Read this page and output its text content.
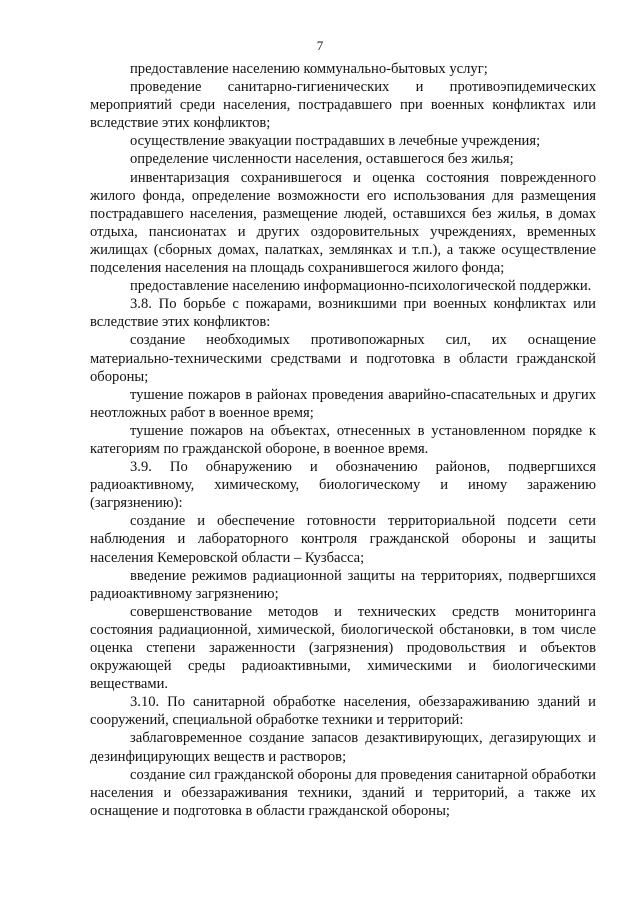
7

предоставление населению коммунально-бытовых услуг;

проведение санитарно-гигиенических и противоэпидемических мероприятий среди населения, пострадавшего при военных конфликтах или вследствие этих конфликтов;

осуществление эвакуации пострадавших в лечебные учреждения;

определение численности населения, оставшегося без жилья;

инвентаризация сохранившегося и оценка состояния поврежденного жилого фонда, определение возможности его использования для размещения пострадавшего населения, размещение людей, оставшихся без жилья, в домах отдыха, пансионатах и других оздоровительных учреждениях, временных жилищах (сборных домах, палатках, землянках и т.п.), а также осуществление подселения населения на площадь сохранившегося жилого фонда;

предоставление населению информационно-психологической поддержки.

3.8. По борьбе с пожарами, возникшими при военных конфликтах или вследствие этих конфликтов:

создание необходимых противопожарных сил, их оснащение материально-техническими средствами и подготовка в области гражданской обороны;

тушение пожаров в районах проведения аварийно-спасательных и других неотложных работ в военное время;

тушение пожаров на объектах, отнесенных в установленном порядке к категориям по гражданской обороне, в военное время.

3.9. По обнаружению и обозначению районов, подвергшихся радиоактивному, химическому, биологическому и иному заражению (загрязнению):

создание и обеспечение готовности территориальной подсети сети наблюдения и лабораторного контроля гражданской обороны и защиты населения Кемеровской области – Кузбасса;

введение режимов радиационной защиты на территориях, подвергшихся радиоактивному загрязнению;

совершенствование методов и технических средств мониторинга состояния радиационной, химической, биологической обстановки, в том числе оценка степени зараженности (загрязнения) продовольствия и объектов окружающей среды радиоактивными, химическими и биологическими веществами.

3.10. По санитарной обработке населения, обеззараживанию зданий и сооружений, специальной обработке техники и территорий:

заблаговременное создание запасов дезактивирующих, дегазирующих и дезинфицирующих веществ и растворов;

создание сил гражданской обороны для проведения санитарной обработки населения и обеззараживания техники, зданий и территорий, а также их оснащение и подготовка в области гражданской обороны;
